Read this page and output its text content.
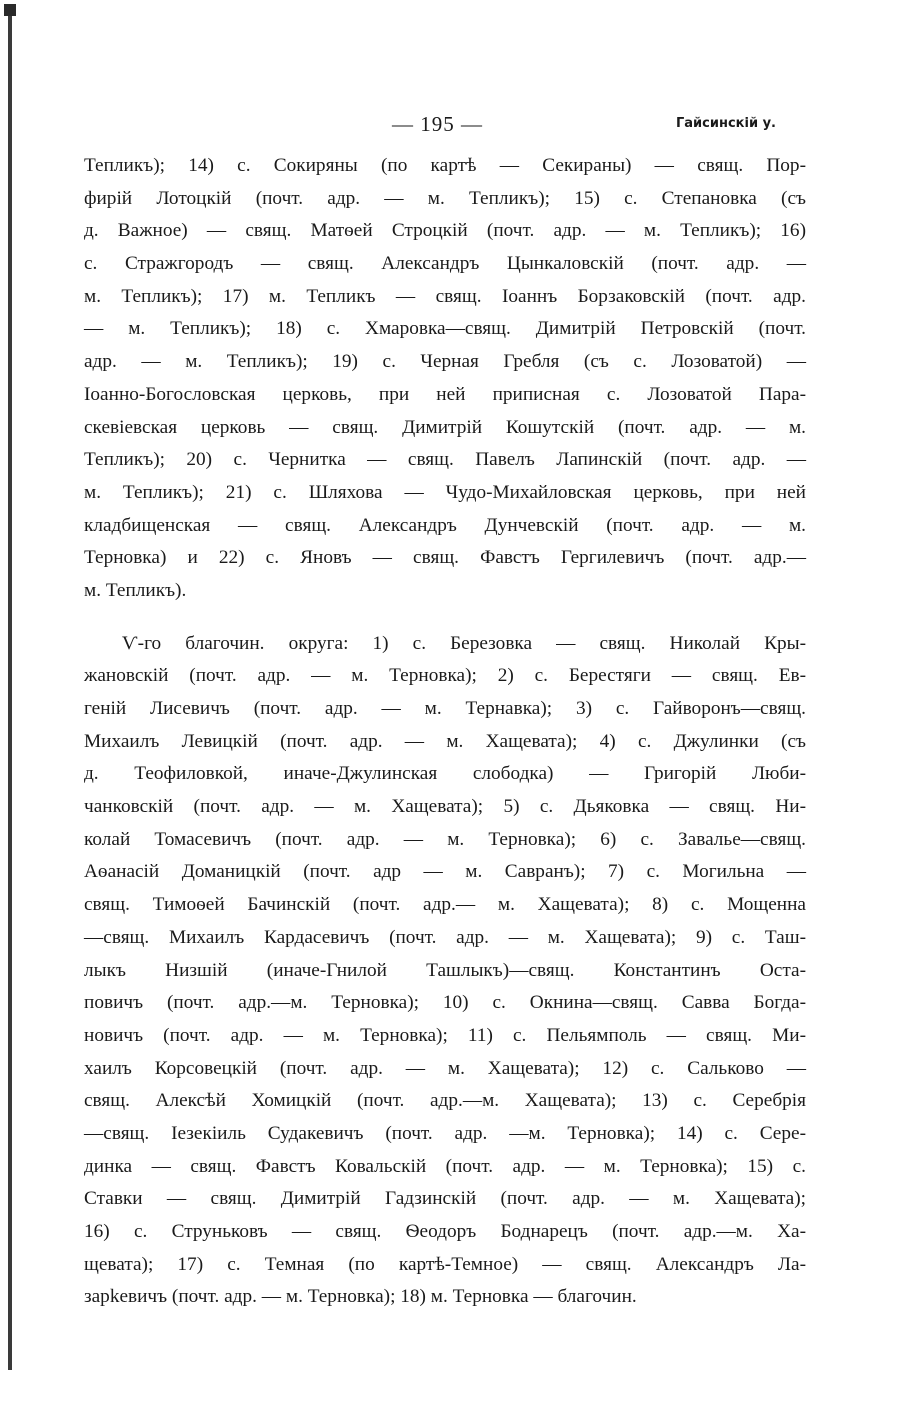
— 195 —	Гайсинскій у.
Тепликъ); 14) с. Сокиряны (по картѣ — Секираны) — свящ. Пор-
фирій Лотоцкій (почт. адр. — м. Тепликъ); 15) с. Степановка (съ
д. Важное) — свящ. Матѳей Строцкій (почт. адр. — м. Тепликъ); 16)
с. Стражгородъ — свящ. Александръ Цынкаловскій (почт. адр. —
м. Тепликъ); 17) м. Тепликъ — свящ. Іоаннъ Борзаковскій (почт. адр.
— м. Тепликъ); 18) с. Хмаровка—свящ. Димитрій Петровскій (почт.
адр. — м. Тепликъ); 19) с. Черная Гребля (съ с. Лозоватой) —
Іоанно-Богословская церковь, при ней приписная с. Лозоватой Пара-
скевіевская церковь — свящ. Димитрій Кошутскій (почт. адр. — м.
Тепликъ); 20) с. Чернитка — свящ. Павелъ Лапинскій (почт. адр. —
м. Тепликъ); 21) с. Шляхова — Чудо-Михайловская церковь, при ней
кладбищенская — свящ. Александръ Дунчевскій (почт. адр. — м.
Терновка) и 22) с. Яновъ — свящ. Фавстъ Гергилевичъ (почт. адр.—
м. Тепликъ).
Ѵ-го благочин. округа: 1) с. Березовка — свящ. Николай Кры-
жановскій (почт. адр. — м. Терновка); 2) с. Берестяги — свящ. Ев-
геній Лисевичъ (почт. адр. — м. Тернавка); 3) с. Гайворонъ—свящ.
Михаилъ Левицкій (почт. адр. — м. Хащевата); 4) с. Джулинки (съ
д. Теофиловкой, иначе-Джулинская слободка) — Григорій Люби-
чанковскій (почт. адр. — м. Хащевата); 5) с. Дьяковка — свящ. Ни-
колай Томасевичъ (почт. адр. — м. Терновка); 6) с. Завалье—свящ.
Аѳанасій Доманицкій (почт. адр — м. Савранъ); 7) с. Могильна —
свящ. Тимоѳей Бачинскій (почт. адр.— м. Хащевата); 8) с. Мощенна
—свящ. Михаилъ Кардасевичъ (почт. адр. — м. Хащевата); 9) с. Таш-
лыкъ Низшій (иначе-Гнилой Ташлыкъ)—свящ. Константинъ Оста-
повичъ (почт. адр.—м. Терновка); 10) с. Окнина—свящ. Савва Богда-
новичъ (почт. адр. — м. Терновка); 11) с. Пельямполь — свящ. Ми-
хаилъ Корсовецкій (почт. адр. — м. Хащевата); 12) с. Сальково —
свящ. Алексѣй Хомицкій (почт. адр.—м. Хащевата); 13) с. Серебрія
—свящ. Іезекіиль Судакевичъ (почт. адр. —м. Терновка); 14) с. Сере-
динка — свящ. Фавстъ Ковальскій (почт. адр. — м. Терновка); 15) с.
Ставки — свящ. Димитрій Гадзинскій (почт. адр. — м. Хащевата);
16) с. Струньковъ — свящ. Ѳеодоръ Боднарецъ (почт. адр.—м. Ха-
щевата); 17) с. Темная (по картѣ-Темное) — свящ. Александръ Ла-
зарkевичъ (почт. адр. — м. Терновка); 18) м. Терновка — благочин.
